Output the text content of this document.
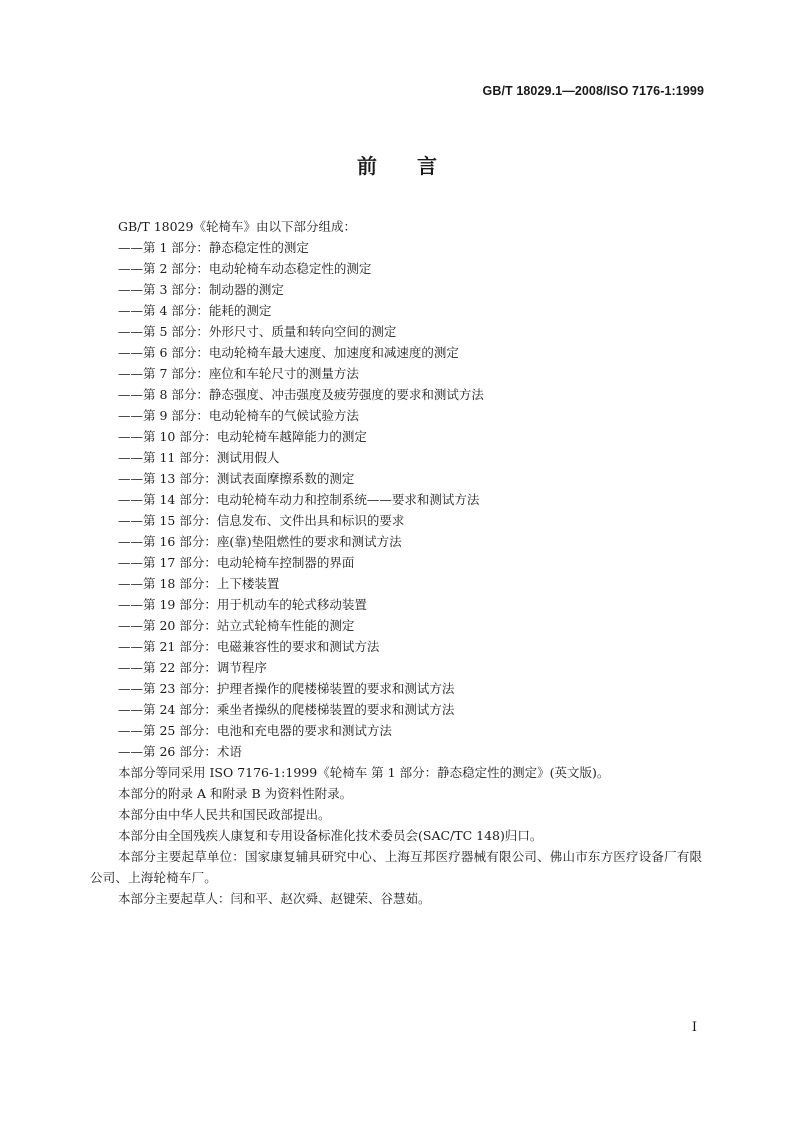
GB/T 18029.1—2008/ISO 7176-1:1999
前言
GB/T 18029《轮椅车》由以下部分组成：
——第 1 部分：静态稳定性的测定
——第 2 部分：电动轮椅车动态稳定性的测定
——第 3 部分：制动器的测定
——第 4 部分：能耗的测定
——第 5 部分：外形尺寸、质量和转向空间的测定
——第 6 部分：电动轮椅车最大速度、加速度和减速度的测定
——第 7 部分：座位和车轮尺寸的测量方法
——第 8 部分：静态强度、冲击强度及疲劳强度的要求和测试方法
——第 9 部分：电动轮椅车的气候试验方法
——第 10 部分：电动轮椅车越障能力的测定
——第 11 部分：测试用假人
——第 13 部分：测试表面摩擦系数的测定
——第 14 部分：电动轮椅车动力和控制系统——要求和测试方法
——第 15 部分：信息发布、文件出具和标识的要求
——第 16 部分：座(靠)垫阻燃性的要求和测试方法
——第 17 部分：电动轮椅车控制器的界面
——第 18 部分：上下楼装置
——第 19 部分：用于机动车的轮式移动装置
——第 20 部分：站立式轮椅车性能的测定
——第 21 部分：电磁兼容性的要求和测试方法
——第 22 部分：调节程序
——第 23 部分：护理者操作的爬楼梯装置的要求和测试方法
——第 24 部分：乘坐者操纵的爬楼梯装置的要求和测试方法
——第 25 部分：电池和充电器的要求和测试方法
——第 26 部分：术语
本部分等同采用 ISO 7176-1:1999《轮椅车 第 1 部分：静态稳定性的测定》(英文版)。
本部分的附录 A 和附录 B 为资料性附录。
本部分由中华人民共和国民政部提出。
本部分由全国残疾人康复和专用设备标准化技术委员会(SAC/TC 148)归口。
本部分主要起草单位：国家康复辅具研究中心、上海互邦医疗器械有限公司、佛山市东方医疗设备厂有限公司、上海轮椅车厂。
本部分主要起草人：闫和平、赵次舜、赵键荣、谷慧茹。
I
